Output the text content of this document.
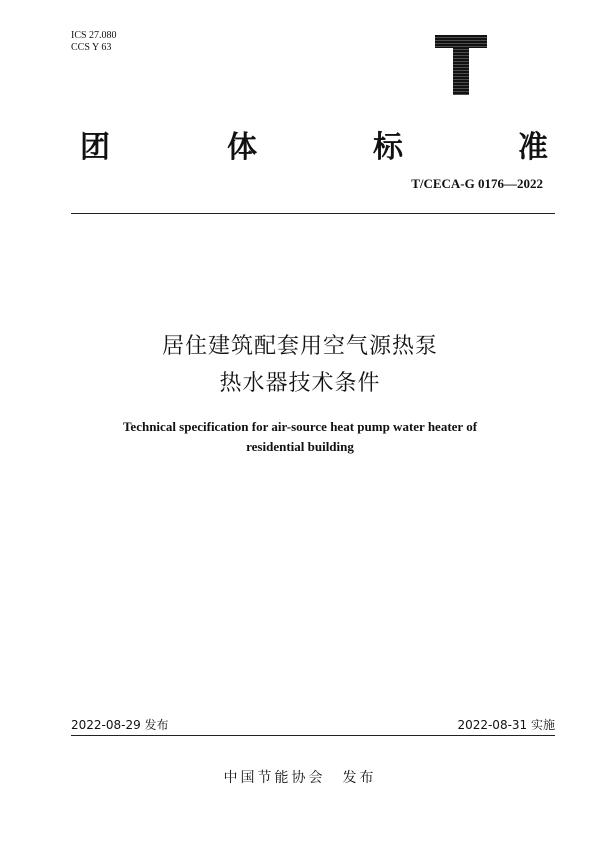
ICS 27.080
CCS Y 63
团	体	标	准
T/CECA-G 0176—2022
居住建筑配套用空气源热泵
热水器技术条件
Technical specification for air-source heat pump water heater of
residential building
2022-08-29 发布	2022-08-31 实施
中国节能协会　发布
